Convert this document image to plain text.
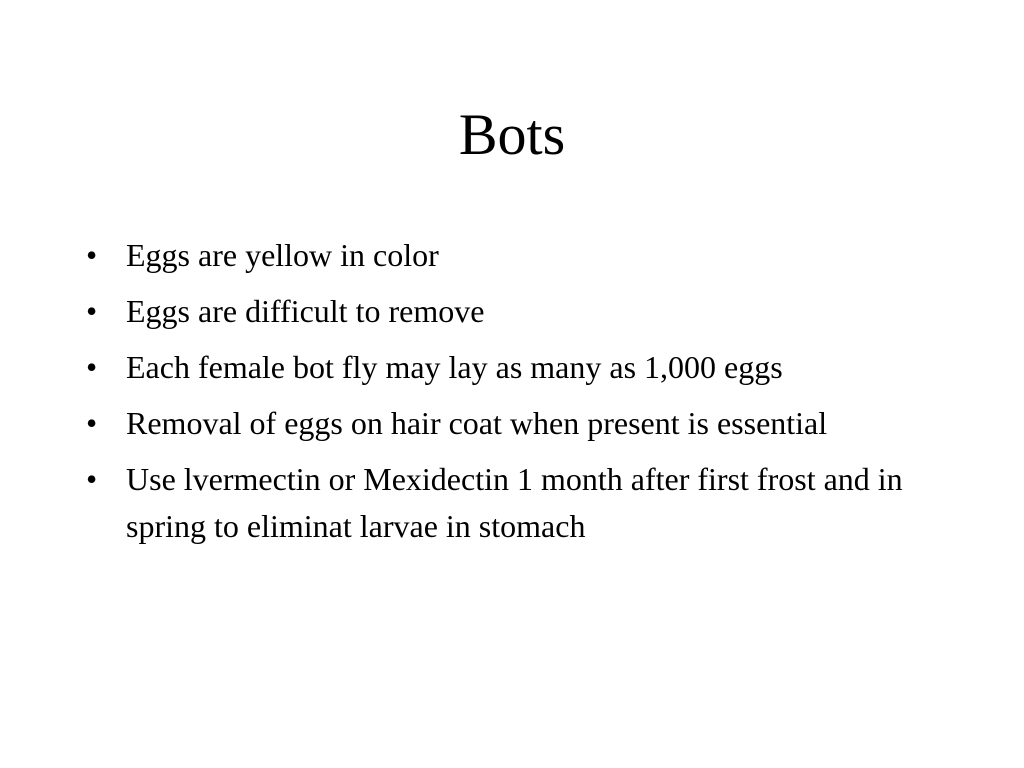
Bots
• Eggs are yellow in color
• Eggs are difficult to remove
• Each female bot fly may lay as many as 1,000 eggs
• Removal of eggs on hair coat when present is essential
• Use lvermectin or Mexidectin 1 month after first frost and in spring to eliminat larvae in stomach
